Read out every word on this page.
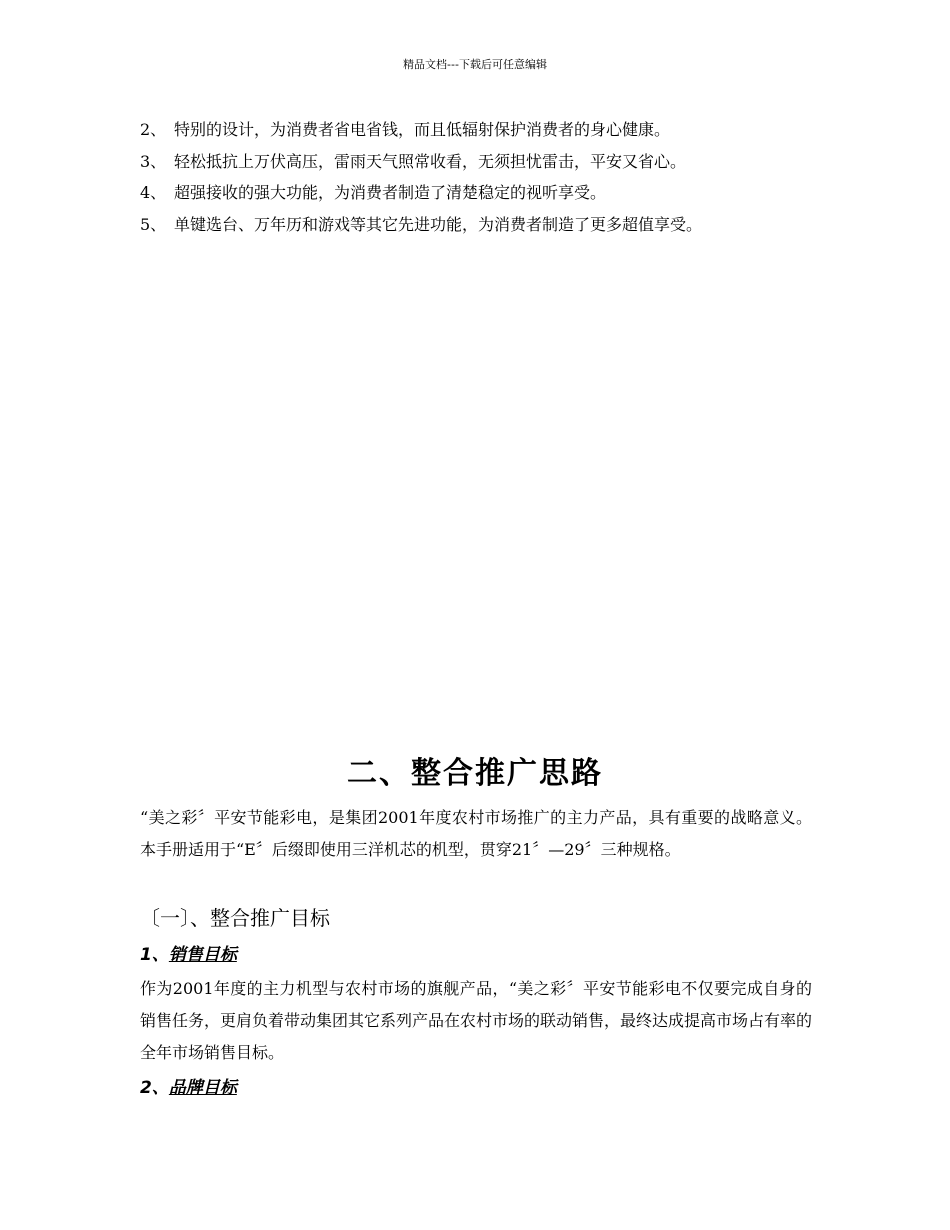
精品文档---下载后可任意编辑
2、 特别的设计，为消费者省电省钱，而且低辐射保护消费者的身心健康。
3、 轻松抵抗上万伏高压，雷雨天气照常收看，无须担忧雷击，平安又省心。
4、 超强接收的强大功能，为消费者制造了清楚稳定的视听享受。
5、 单键选台、万年历和游戏等其它先进功能，为消费者制造了更多超值享受。
二、整合推广思路

“美之彩〞平安节能彩电，是集团2001年度农村市场推广的主力产品，具有重要的战略意义。本手册适用于“E〞后缀即使用三洋机芯的机型，贯穿21〞—29〞三种规格。

〔一〕、整合推广目标
1、销售目标

作为2001年度的主力机型与农村市场的旗舰产品，“美之彩〞平安节能彩电不仅要完成自身的销售任务，更肩负着带动集团其它系列产品在农村市场的联动销售，最终达成提高市场占有率的全年市场销售目标。

2、品牌目标
